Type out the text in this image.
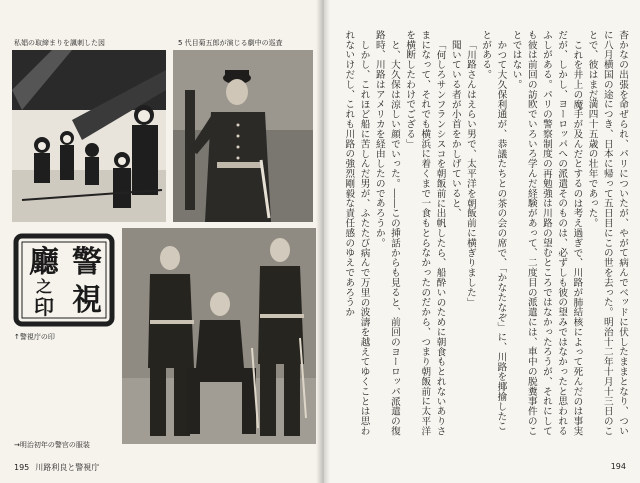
私娼の取締まりを諷刺した図	5 代目菊五郎が演じる劇中の巡査
警
視
廳
之
印
↑警視庁の印
→明治初年の警官の服装
195 川路利良と警視庁

杳かなの出張を命ぜられ、パリについたが、やがて病んでベッドに伏したままとなり、ついに八月横国の途につき、日本に帰って五日目にこの世を去った。明治十二年十月十三日のことで、彼はまだ満四十五歳の壮年であった。

これを井上の魔手が及んだとするのは考え過ぎで、川路が肺結核によって死んだのは事実だが、しかし、ヨーロッパへの派遣そのものは、必ずしも彼の望みではなかったと思われるふしがある。パリの警察制度の再勉強は川路の望むところではなかったろうが、それにしても彼は前回の訪欧でいろいろ学んだ経験があって、二度目の派遣には、車中の脱糞事件のことではない。

かつて大久保利通が、恭議たちとの茶の会の席で、「かなたなぞ」に、川路を揶揄したことがある。

「川路さんはえらい男で、太平洋を朝飯前に横ぎりました」

聞いている者が小首をかしげていると、

「何しろサンフランシスコを朝飯前に出帆したら、船酔いのために朝食もとれないありさまになって、それでも横浜に着くまで一食もとらなかったのだから、つまり朝飯前に太平洋を横断したわけでござる」

と、大久保は涼しい顔でいった。――この挿話からも見ると、前回のヨーロッパ派遣の復路時、川路はアメリカを経由したのであろうか。

しかし、これほど船に苦しんだ男が、ふたたび病んで万里の波濤を越えてゆくことは思われないけだし、これも川路の強烈剛毅な責任感のゆえであろうか

194
